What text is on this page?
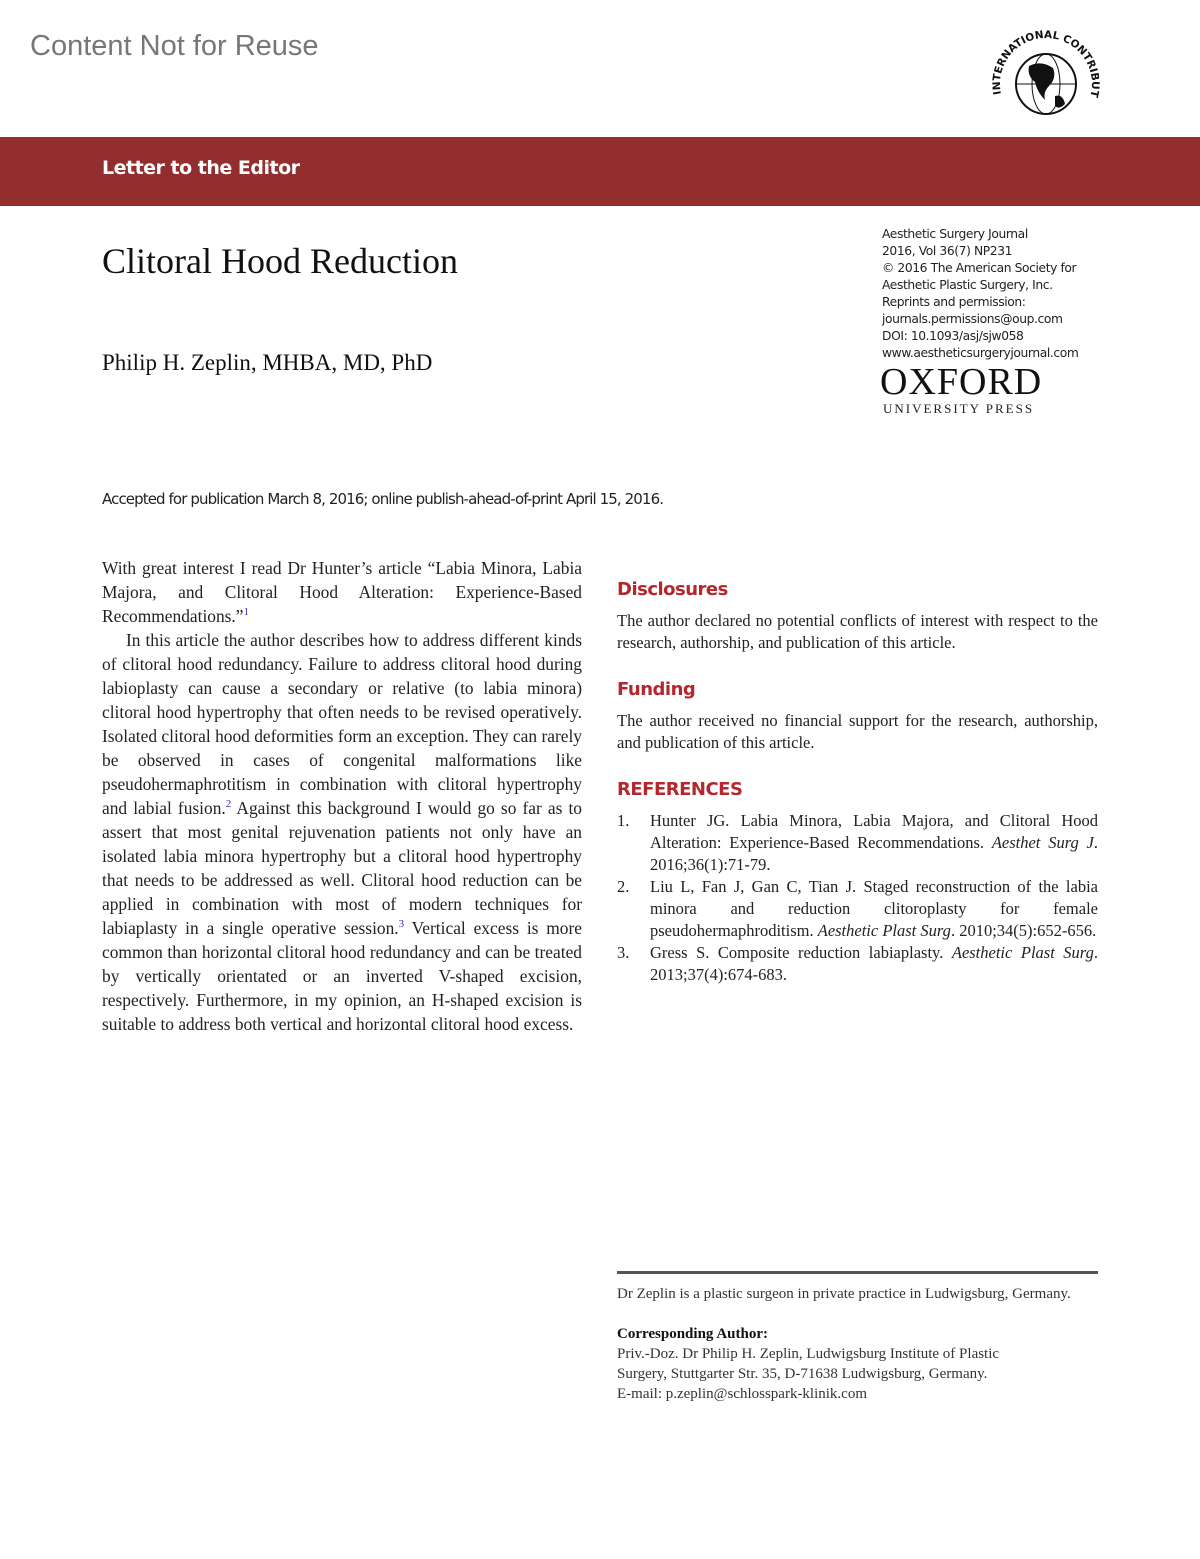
Content Not for Reuse
INTERNATIONAL CONTRIBUTION
Letter to the Editor
Clitoral Hood Reduction
Philip H. Zeplin, MHBA, MD, PhD
Aesthetic Surgery Journal
2016, Vol 36(7) NP231
© 2016 The American Society for
Aesthetic Plastic Surgery, Inc.
Reprints and permission:
journals.permissions@oup.com
DOI: 10.1093/asj/sjw058
www.aestheticsurgeryjournal.com
OXFORD
UNIVERSITY PRESS
Accepted for publication March 8, 2016; online publish-ahead-of-print April 15, 2016.

With great interest I read Dr Hunter’s article “Labia Minora, Labia Majora, and Clitoral Hood Alteration: Experience-Based Recommendations.”$^1$

In this article the author describes how to address different kinds of clitoral hood redundancy. Failure to address clitoral hood during labioplasty can cause a secondary or relative (to labia minora) clitoral hood hypertrophy that often needs to be revised operatively. Isolated clitoral hood deformities form an exception. They can rarely be observed in cases of congenital malformations like pseudohermaphrotitism in combination with clitoral hypertrophy and labial fusion.$^2$ Against this background I would go so far as to assert that most genital rejuvenation patients not only have an isolated labia minora hypertrophy but a clitoral hood hypertrophy that needs to be addressed as well. Clitoral hood reduction can be applied in combination with most of modern techniques for labiaplasty in a single operative session.$^3$ Vertical excess is more common than horizontal clitoral hood redundancy and can be treated by vertically orientated or an inverted V-shaped excision, respectively. Furthermore, in my opinion, an H-shaped excision is suitable to address both vertical and horizontal clitoral hood excess.

Disclosures

The author declared no potential conflicts of interest with respect to the research, authorship, and publication of this article.

Funding

The author received no financial support for the research, authorship, and publication of this article.

REFERENCES
1.	Hunter JG. Labia Minora, Labia Majora, and Clitoral Hood Alteration: Experience-Based Recommendations. Aesthet Surg J. 2016;36(1):71-79.
2.	Liu L, Fan J, Gan C, Tian J. Staged reconstruction of the labia minora and reduction clitoroplasty for female pseudohermaphroditism. Aesthetic Plast Surg. 2010;34(5):652-656.
3.	Gress S. Composite reduction labiaplasty. Aesthetic Plast Surg. 2013;37(4):674-683.
Dr Zeplin is a plastic surgeon in private practice in Ludwigsburg, Germany.
Corresponding Author:
Priv.-Doz. Dr Philip H. Zeplin, Ludwigsburg Institute of Plastic
Surgery, Stuttgarter Str. 35, D-71638 Ludwigsburg, Germany.
E-mail: p.zeplin@schlosspark-klinik.com
